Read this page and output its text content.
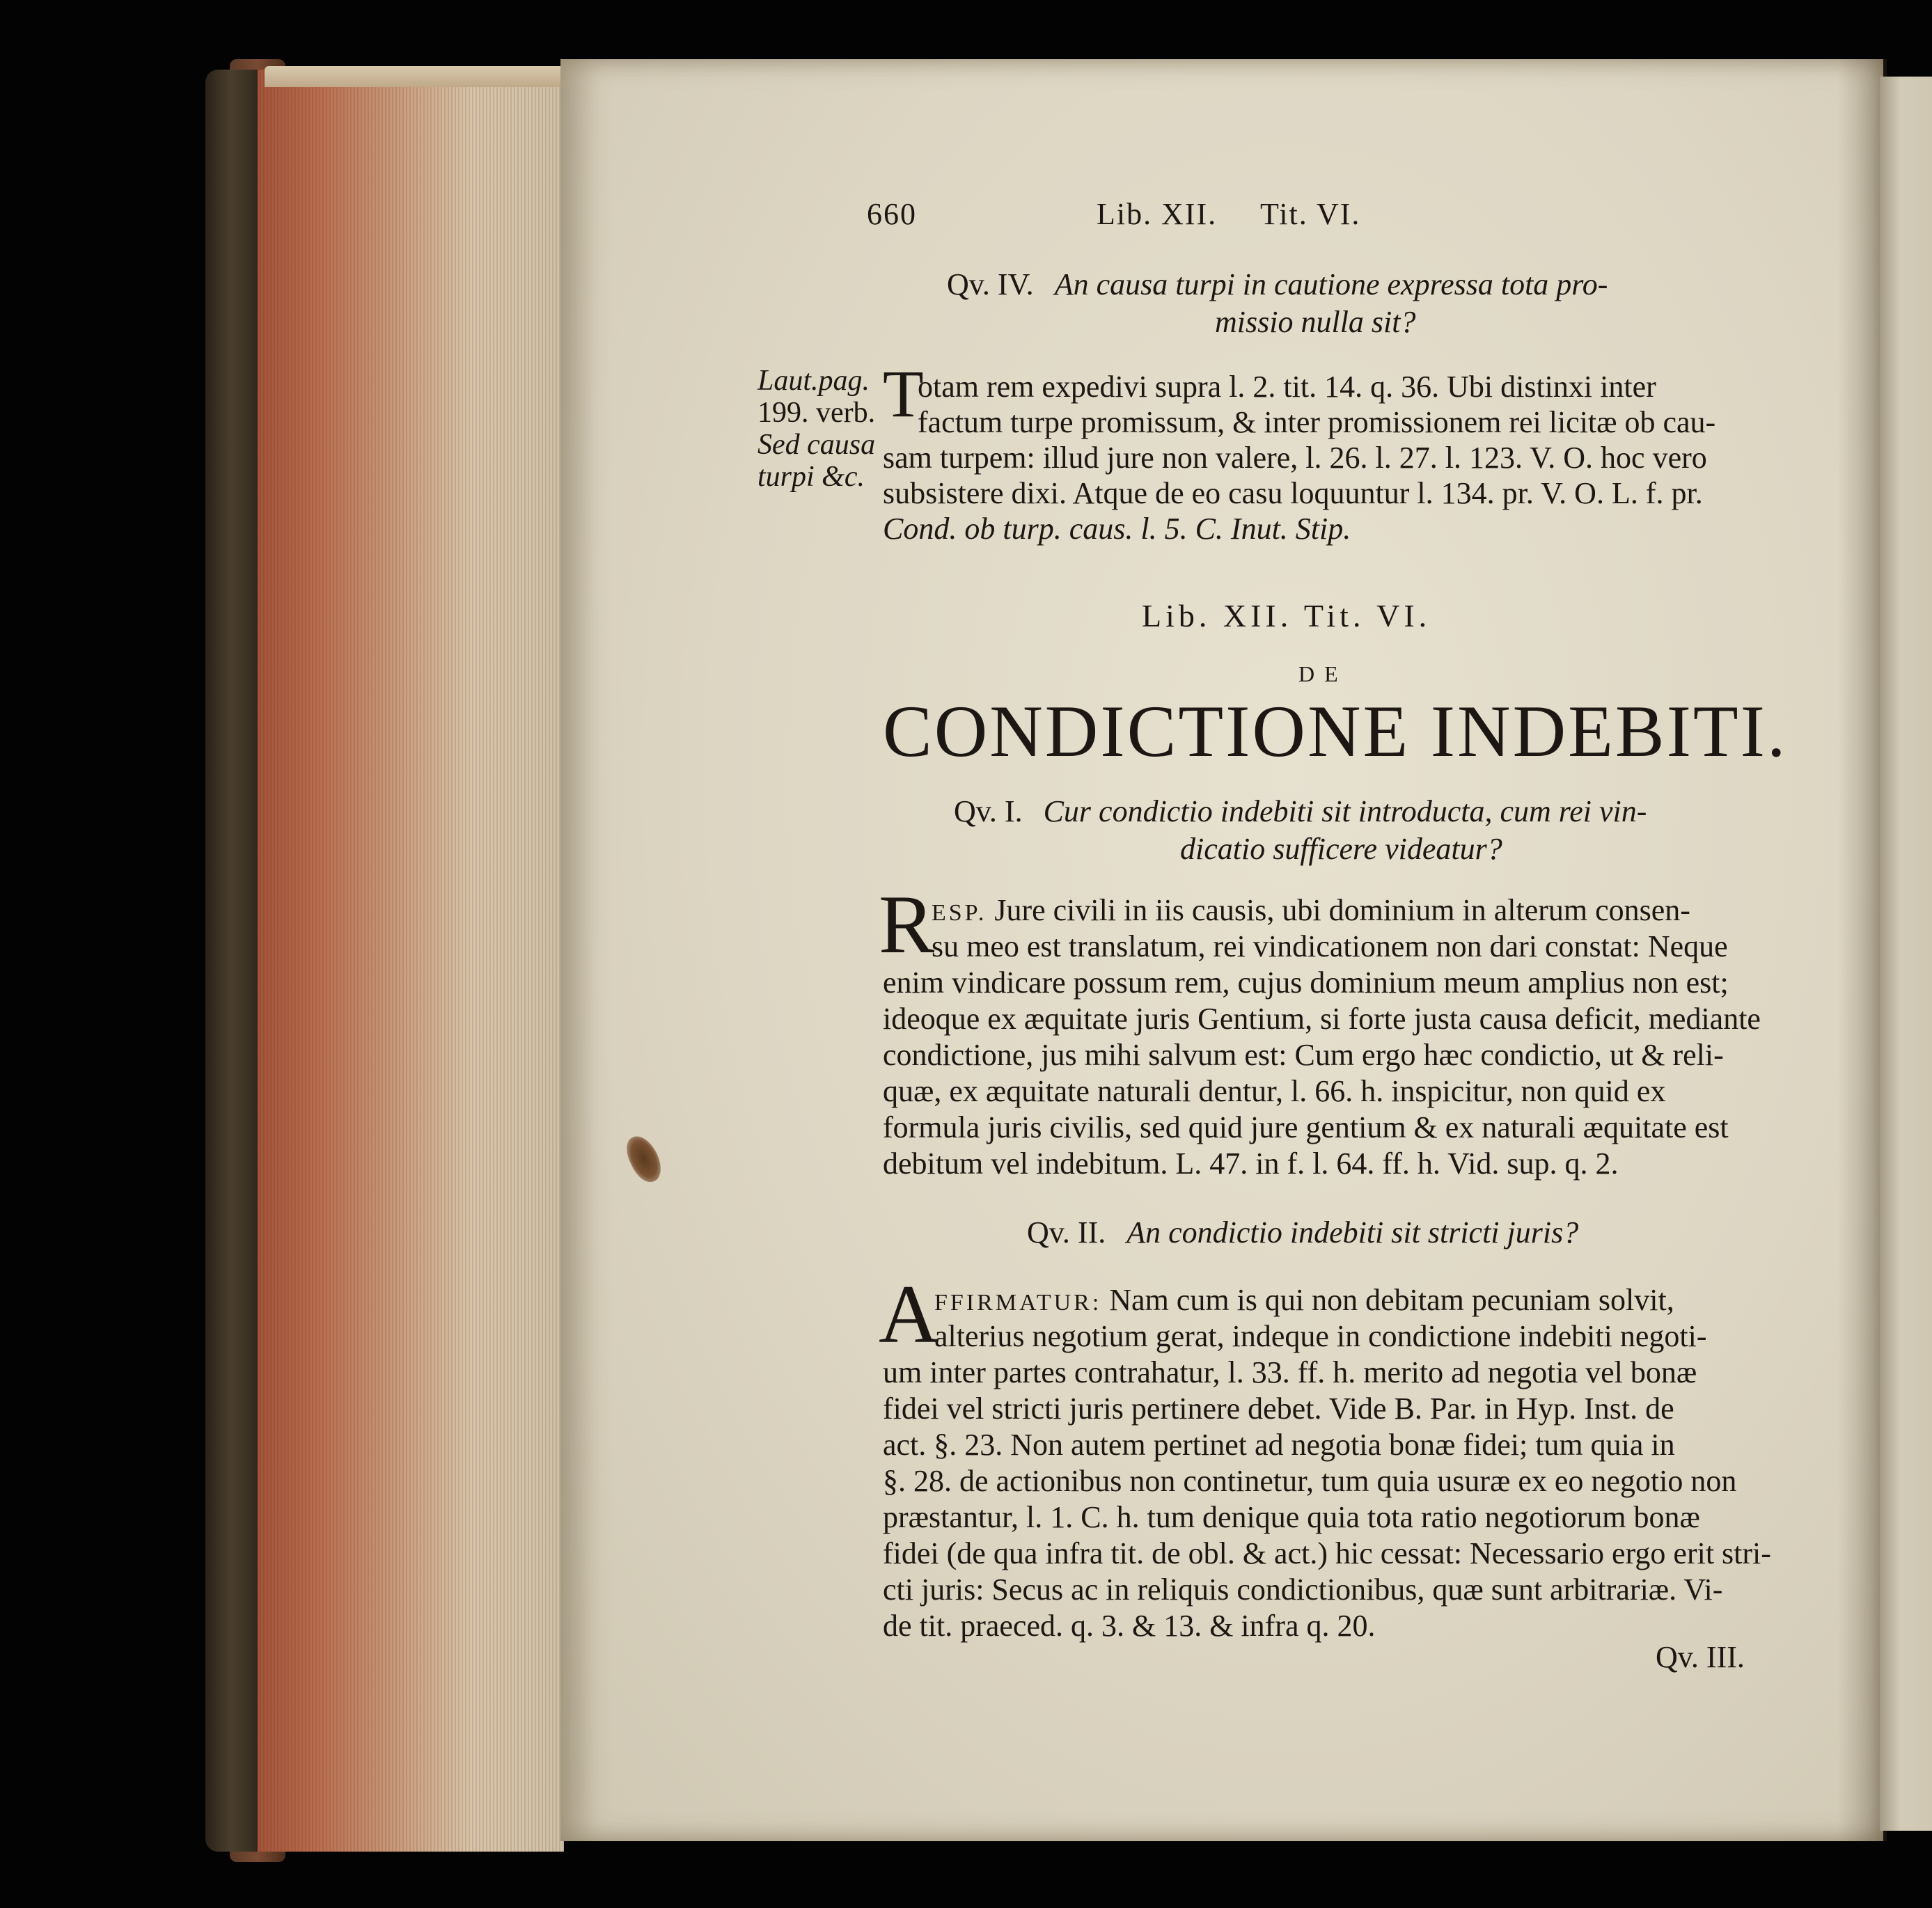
660	Lib. XII. Tit. VI.
Qv. IV. An causa turpi in cautione expressa tota pro-
missio nulla sit?
Laut.pag.
199. verb.
Sed causa
turpi &c.
T
otam rem expedivi supra l. 2. tit. 14. q. 36. Ubi distinxi inter
factum turpe promissum, & inter promissionem rei licitæ ob cau-
sam turpem: illud jure non valere, l. 26. l. 27. l. 123. V. O. hoc vero
subsistere dixi. Atque de eo casu loquuntur l. 134. pr. V. O. L. f. pr.
Cond. ob turp. caus. l. 5. C. Inut. Stip.
Lib. XII. Tit. VI.
DE
CONDICTIONE INDEBITI.
Qv. I. Cur condictio indebiti sit introducta, cum rei vin-
dicatio sufficere videatur?
R
ESP. Jure civili in iis causis, ubi dominium in alterum consen-
su meo est translatum, rei vindicationem non dari constat: Neque
enim vindicare possum rem, cujus dominium meum amplius non est;
ideoque ex æquitate juris Gentium, si forte justa causa deficit, mediante
condictione, jus mihi salvum est: Cum ergo hæc condictio, ut & reli-
quæ, ex æquitate naturali dentur, l. 66. h. inspicitur, non quid ex
formula juris civilis, sed quid jure gentium & ex naturali æquitate est
debitum vel indebitum. L. 47. in f. l. 64. ff. h. Vid. sup. q. 2.
Qv. II. An condictio indebiti sit stricti juris?
A
FFIRMATUR: Nam cum is qui non debitam pecuniam solvit,
alterius negotium gerat, indeque in condictione indebiti negoti-
um inter partes contrahatur, l. 33. ff. h. merito ad negotia vel bonæ
fidei vel stricti juris pertinere debet. Vide B. Par. in Hyp. Inst. de
act. §. 23. Non autem pertinet ad negotia bonæ fidei; tum quia in
§. 28. de actionibus non continetur, tum quia usuræ ex eo negotio non
præstantur, l. 1. C. h. tum denique quia tota ratio negotiorum bonæ
fidei (de qua infra tit. de obl. & act.) hic cessat: Necessario ergo erit stri-
cti juris: Secus ac in reliquis condictionibus, quæ sunt arbitrariæ. Vi-
de tit. praeced. q. 3. & 13. & infra q. 20.
Qv. III.
